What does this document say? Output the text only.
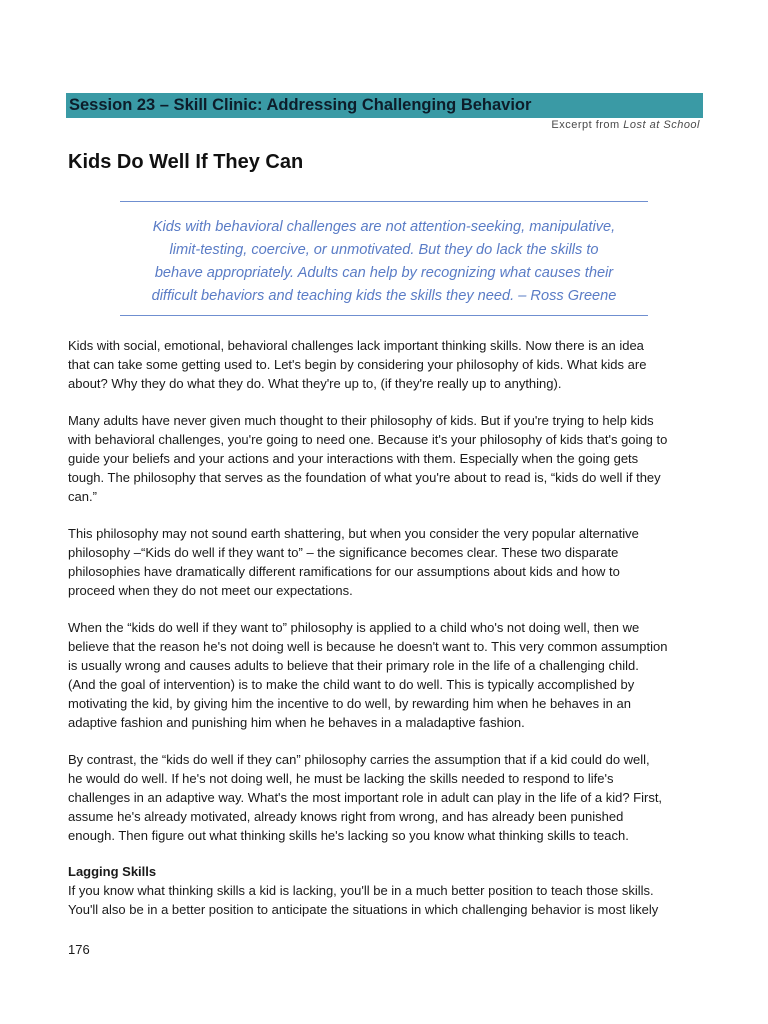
Session 23 – Skill Clinic: Addressing Challenging Behavior
Excerpt from Lost at School
Kids Do Well If They Can
Kids with behavioral challenges are not attention-seeking, manipulative,
limit-testing, coercive, or unmotivated. But they do lack the skills to
behave appropriately. Adults can help by recognizing what causes their
difficult behaviors and teaching kids the skills they need. – Ross Greene
Kids with social, emotional, behavioral challenges lack important thinking skills. Now there is an idea
that can take some getting used to. Let's begin by considering your philosophy of kids. What kids are
about? Why they do what they do. What they're up to, (if they're really up to anything).
Many adults have never given much thought to their philosophy of kids. But if you're trying to help kids
with behavioral challenges, you're going to need one. Because it's your philosophy of kids that's going to
guide your beliefs and your actions and your interactions with them. Especially when the going gets
tough. The philosophy that serves as the foundation of what you're about to read is, “kids do well if they
can.”
This philosophy may not sound earth shattering, but when you consider the very popular alternative
philosophy –“Kids do well if they want to” – the significance becomes clear. These two disparate
philosophies have dramatically different ramifications for our assumptions about kids and how to
proceed when they do not meet our expectations.
When the “kids do well if they want to” philosophy is applied to a child who's not doing well, then we
believe that the reason he's not doing well is because he doesn't want to. This very common assumption
is usually wrong and causes adults to believe that their primary role in the life of a challenging child.
(And the goal of intervention) is to make the child want to do well. This is typically accomplished by
motivating the kid, by giving him the incentive to do well, by rewarding him when he behaves in an
adaptive fashion and punishing him when he behaves in a maladaptive fashion.
By contrast, the “kids do well if they can” philosophy carries the assumption that if a kid could do well,
he would do well. If he's not doing well, he must be lacking the skills needed to respond to life's
challenges in an adaptive way. What's the most important role in adult can play in the life of a kid? First,
assume he's already motivated, already knows right from wrong, and has already been punished
enough. Then figure out what thinking skills he's lacking so you know what thinking skills to teach.
Lagging Skills
If you know what thinking skills a kid is lacking, you'll be in a much better position to teach those skills.
You'll also be in a better position to anticipate the situations in which challenging behavior is most likely
176
